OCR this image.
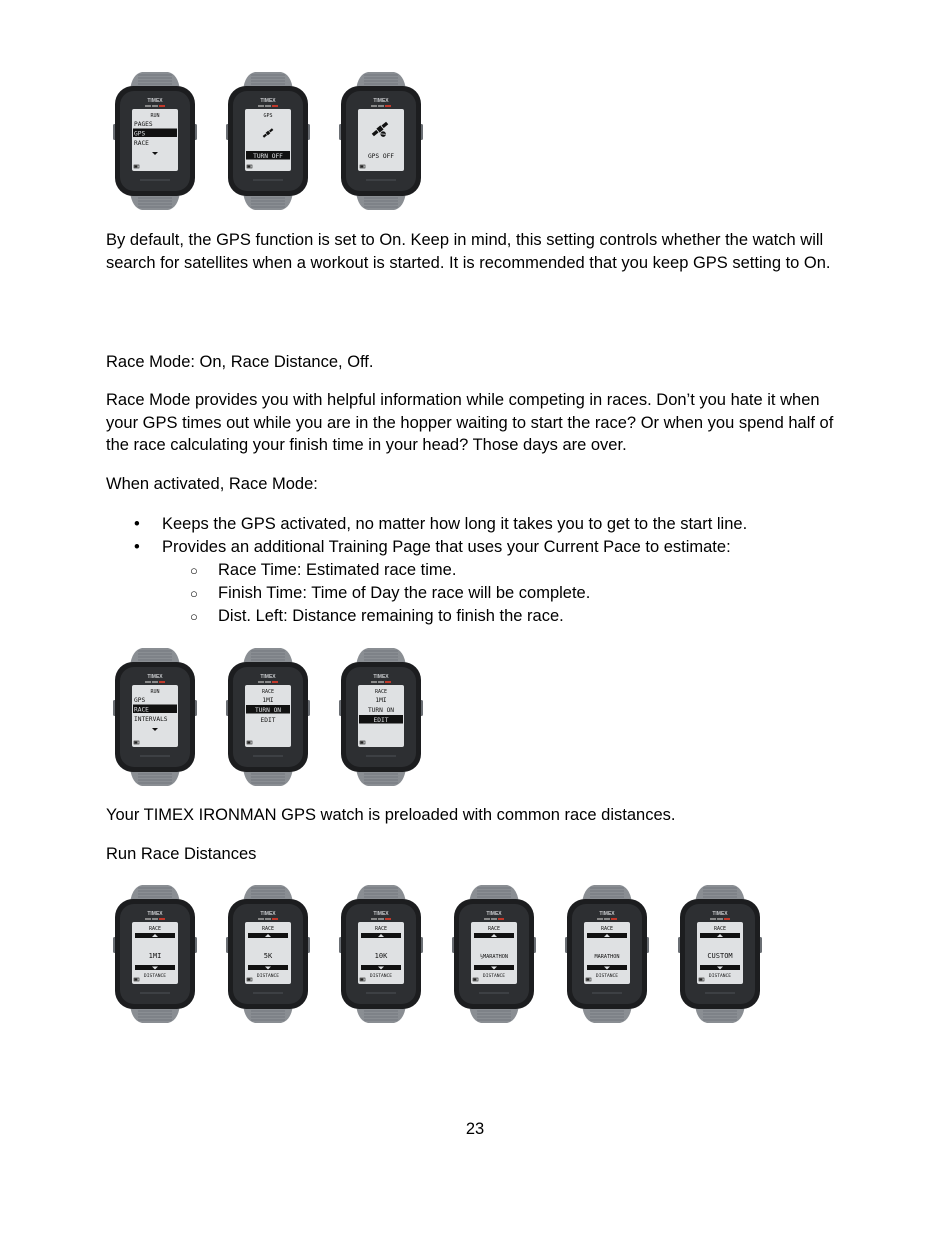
TIMEX
RUN
PAGES
GPS
RACE
TIMEX
GPS
TURN OFF
TIMEX
GPS OFF

By default, the GPS function is set to On. Keep in mind, this setting controls whether the watch will search for satellites when a workout is started. It is recommended that you keep GPS setting to On.

Race Mode: On, Race Distance, Off.

Race Mode provides you with helpful information while competing in races. Don’t you hate it when your GPS times out while you are in the hopper waiting to start the race? Or when you spend half of the race calculating your finish time in your head? Those days are over.

When activated, Race Mode:

• Keeps the GPS activated, no matter how long it takes you to get to the start line.
• Provides an additional Training Page that uses your Current Pace to estimate:
○ Race Time: Estimated race time.
○ Finish Time: Time of Day the race will be complete.
○ Dist. Left: Distance remaining to finish the race.
TIMEX
RUN
GPS
RACE
INTERVALS
TIMEX
RACE
1MI
TURN ON
EDIT
TIMEX
RACE
1MI
TURN ON
EDIT

Your TIMEX IRONMAN GPS watch is preloaded with common race distances.

Run Race Distances

TIMEX
RACE
1MI
DISTANCE
TIMEX
RACE
5K
DISTANCE
TIMEX
RACE
10K
DISTANCE
TIMEX
RACE
½MARATHON
DISTANCE
TIMEX
RACE
MARATHON
DISTANCE
TIMEX
RACE
CUSTOM
DISTANCE
23
